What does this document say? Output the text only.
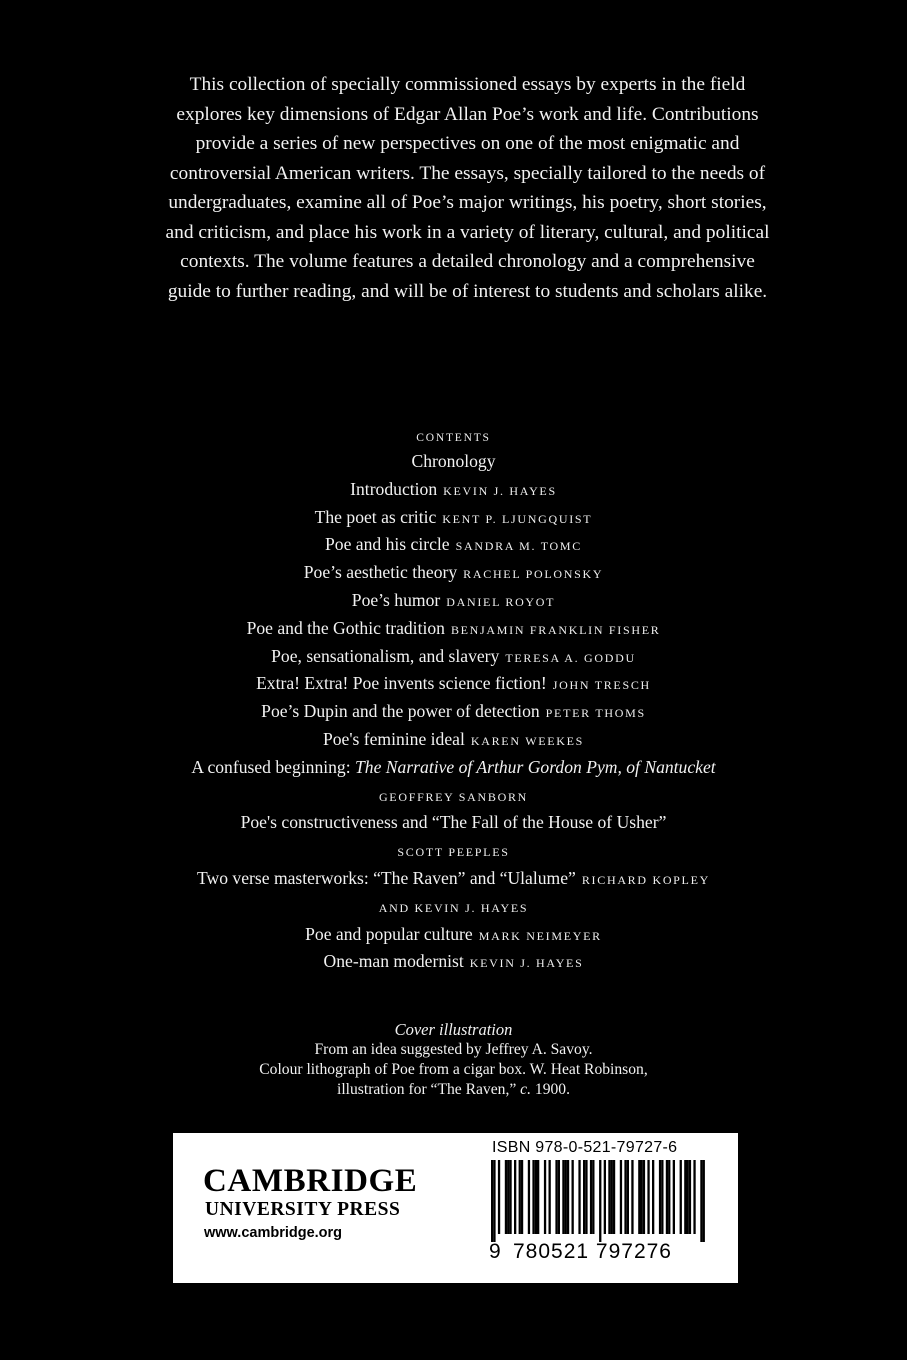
This collection of specially commissioned essays by experts in the field explores key dimensions of Edgar Allan Poe’s work and life. Contributions provide a series of new perspectives on one of the most enigmatic and controversial American writers. The essays, specially tailored to the needs of undergraduates, examine all of Poe’s major writings, his poetry, short stories, and criticism, and place his work in a variety of literary, cultural, and political contexts. The volume features a detailed chronology and a comprehensive guide to further reading, and will be of interest to students and scholars alike.

CONTENTS

Chronology
Introduction KEVIN J. HAYES
The poet as critic KENT P. LJUNGQUIST
Poe and his circle SANDRA M. TOMC
Poe’s aesthetic theory RACHEL POLONSKY
Poe’s humor DANIEL ROYOT
Poe and the Gothic tradition BENJAMIN FRANKLIN FISHER
Poe, sensationalism, and slavery TERESA A. GODDU
Extra! Extra! Poe invents science fiction! JOHN TRESCH
Poe’s Dupin and the power of detection PETER THOMS
Poe's feminine ideal KAREN WEEKES
A confused beginning: The Narrative of Arthur Gordon Pym, of Nantucket
GEOFFREY SANBORN
Poe's constructiveness and “The Fall of the House of Usher”
SCOTT PEEPLES
Two verse masterworks: “The Raven” and “Ulalume” RICHARD KOPLEY
AND KEVIN J. HAYES
Poe and popular culture MARK NEIMEYER
One-man modernist KEVIN J. HAYES
Cover illustration
From an idea suggested by Jeffrey A. Savoy.
Colour lithograph of Poe from a cigar box. W. Heat Robinson,
illustration for “The Raven,” c. 1900.

CAMBRIDGE

UNIVERSITY PRESS

www.cambridge.org

ISBN 978-0-521-79727-6

9 780521 797276
